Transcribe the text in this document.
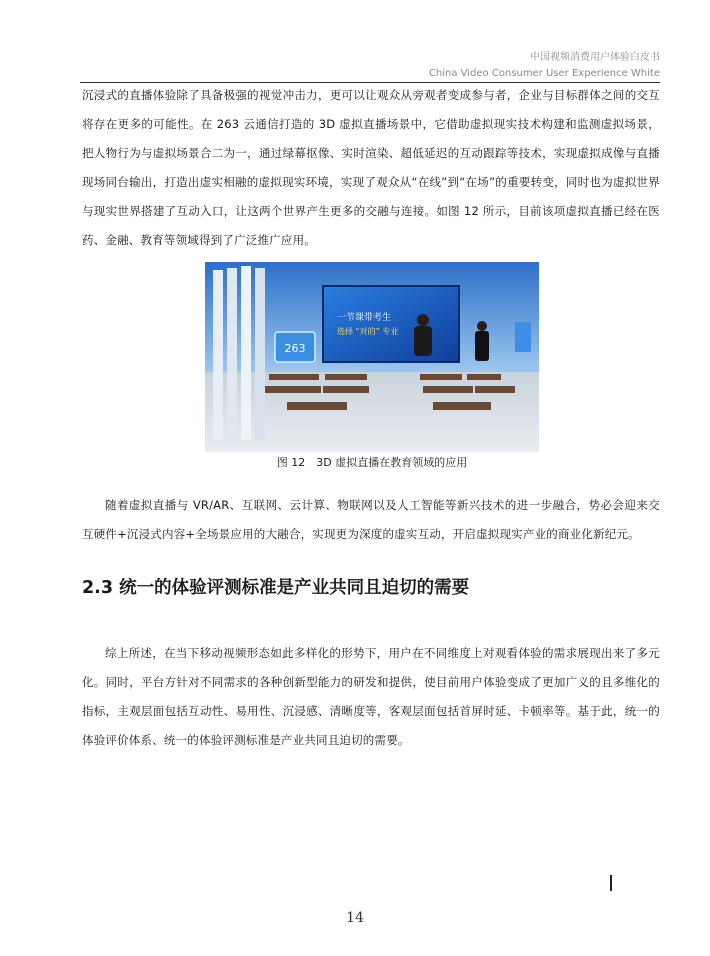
中国视频消费用户体验白皮书
China Video Consumer User Experience White

沉浸式的直播体验除了具备极强的视觉冲击力，更可以让观众从旁观者变成参与者，企业与目标群体之间的交互将存在更多的可能性。在 263 云通信打造的 3D 虚拟直播场景中，它借助虚拟现实技术构建和监测虚拟场景，把人物行为与虚拟场景合二为一，通过绿幕抠像、实时渲染、超低延迟的互动跟踪等技术，实现虚拟成像与直播现场同台输出，打造出虚实相融的虚拟现实环境，实现了观众从“在线”到“在场”的重要转变，同时也为虚拟世界与现实世界搭建了互动入口，让这两个世界产生更多的交融与连接。如图 12 所示，目前该项虚拟直播已经在医药、金融、教育等领域得到了广泛推广应用。

263
一节课带考生
选择 “对的” 专业
图 12　3D 虚拟直播在教育领域的应用

随着虚拟直播与 VR/AR、互联网、云计算、物联网以及人工智能等新兴技术的进一步融合，势必会迎来交互硬件+沉浸式内容+全场景应用的大融合，实现更为深度的虚实互动，开启虚拟现实产业的商业化新纪元。

2.3 统一的体验评测标准是产业共同且迫切的需要

综上所述，在当下移动视频形态如此多样化的形势下，用户在不同维度上对观看体验的需求展现出来了多元化。同时，平台方针对不同需求的各种创新型能力的研发和提供，使目前用户体验变成了更加广义的且多维化的指标，主观层面包括互动性、易用性、沉浸感、清晰度等，客观层面包括首屏时延、卡顿率等。基于此，统一的体验评价体系、统一的体验评测标准是产业共同且迫切的需要。

14
